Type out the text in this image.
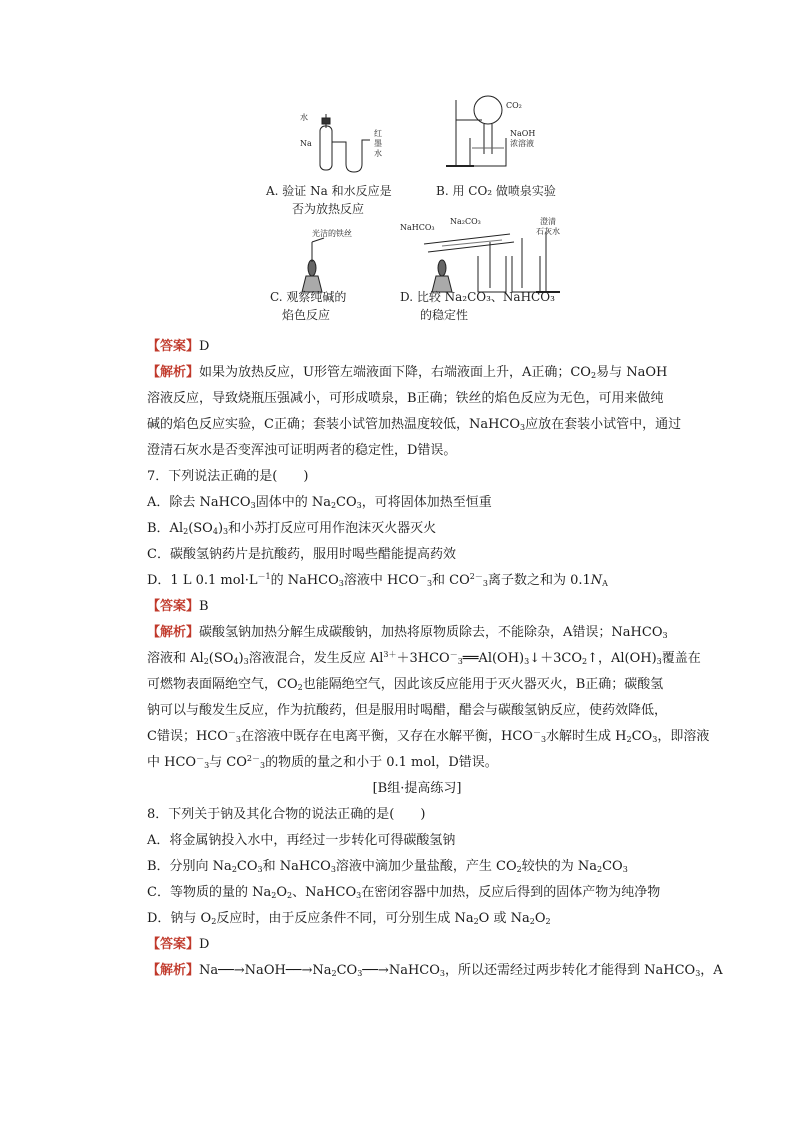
水
Na
红
墨
水
CO₂
NaOH
浓溶液
光洁的铁丝
NaHCO₃
Na₂CO₃	澄清
石灰水
A. 验证 Na 和水反应是
否为放热反应
B. 用 CO₂ 做喷泉实验
C. 观察纯碱的
焰色反应
D. 比较 Na₂CO₃、NaHCO₃
的稳定性

【答案】D

【解析】如果为放热反应，U形管左端液面下降，右端液面上升，A正确；$CO_2$易与 NaOH

溶液反应，导致烧瓶压强减小，可形成喷泉，B正确；铁丝的焰色反应为无色，可用来做纯

碱的焰色反应实验，C正确；套装小试管加热温度较低，NaHCO$_3$应放在套装小试管中，通过

澄清石灰水是否变浑浊可证明两者的稳定性，D错误。

7．下列说法正确的是(　　)

A．除去 NaHCO$_3$固体中的 $Na_2CO_3$，可将固体加热至恒重

B．$Al_2(SO_4)_3$和小苏打反应可用作泡沫灭火器灭火

C．碳酸氢钠药片是抗酸药，服用时喝些醋能提高药效

D．1 L 0.1 $mol\cdot L^{-1}$的 NaHCO$_3$溶液中 $HCO^-_3$和 $CO^{2-}_3$离子数之和为 $0.1N_A$

【答案】B

【解析】碳酸氢钠加热分解生成碳酸钠，加热将原物质除去，不能除杂，A错误；NaHCO$_3$

溶液和 $Al_2(SO_4)_3$溶液混合，发生反应 $Al^{3+}+3HCO^-_3══Al(OH)_3↓+3CO_2↑$，$Al(OH)_3$覆盖在

可燃物表面隔绝空气，$CO_2$也能隔绝空气，因此该反应能用于灭火器灭火，B正确；碳酸氢

钠可以与酸发生反应，作为抗酸药，但是服用时喝醋，醋会与碳酸氢钠反应，使药效降低，

C错误；$HCO^-_3$在溶液中既存在电离平衡，又存在水解平衡，$HCO^-_3$水解时生成 $H_2CO_3$，即溶液

中 $HCO^-_3$与 $CO^{2-}_3$的物质的量之和小于 0.1 mol，D错误。

[B组·提高练习]

8．下列关于钠及其化合物的说法正确的是(　　)

A．将金属钠投入水中，再经过一步转化可得碳酸氢钠

B．分别向 $Na_2CO_3$和 NaHCO$_3$溶液中滴加少量盐酸，产生 $CO_2$较快的为 $Na_2CO_3$

C．等物质的量的 $Na_2O_2$、NaHCO$_3$在密闭容器中加热，反应后得到的固体产物为纯净物

D．钠与 $O_2$反应时，由于反应条件不同，可分别生成 $Na_2O$ 或 $Na_2O_2$

【答案】D

【解析】$Na──\to NaOH──\to Na_2CO_3──\to NaHCO_3$，所以还需经过两步转化才能得到 NaHCO$_3$，A
